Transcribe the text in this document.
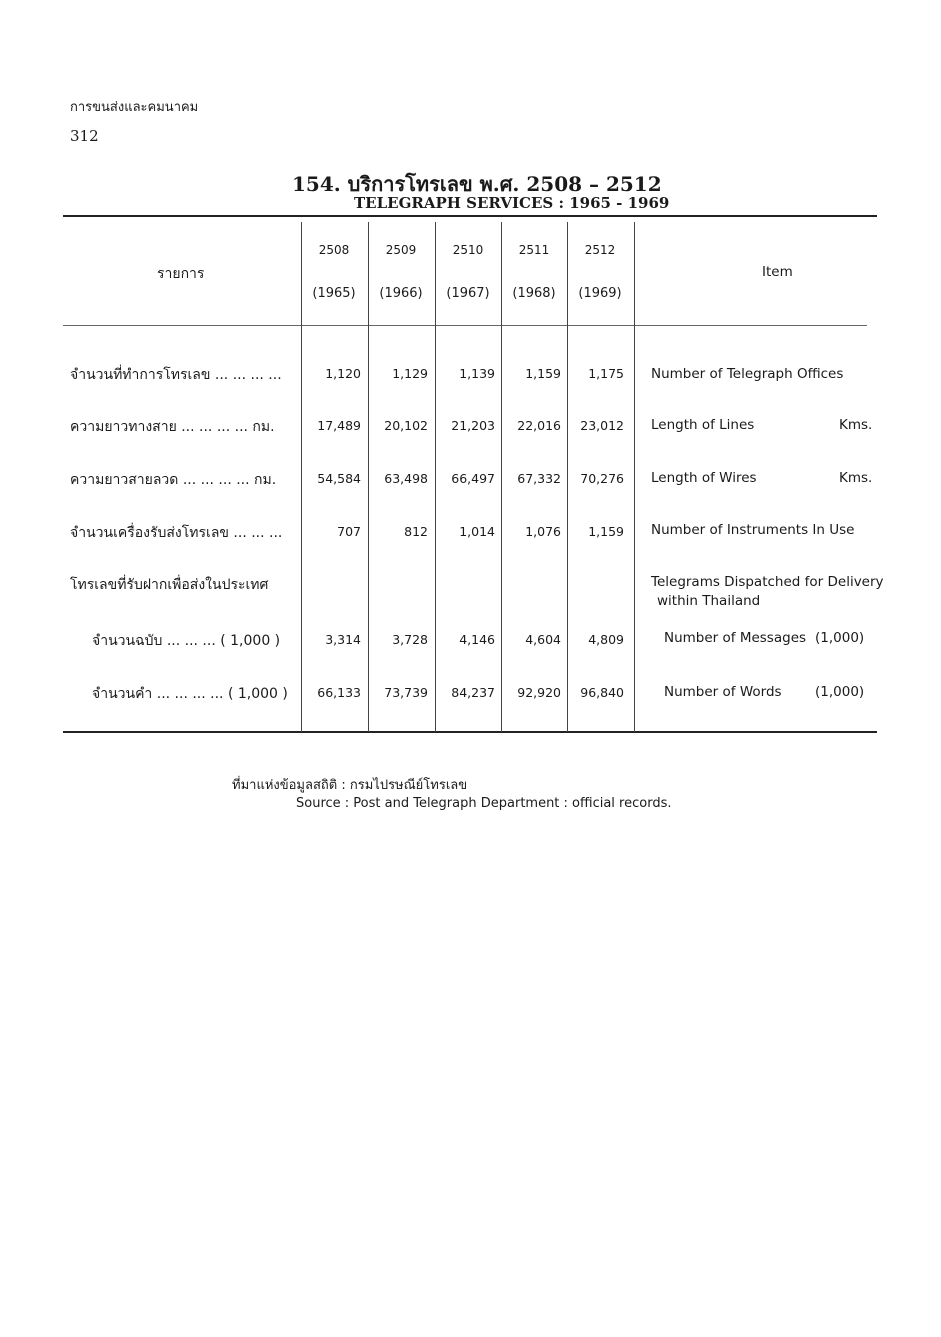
การขนส่งและคมนาคม
312
154. บริการโทรเลข พ.ศ. 2508 – 2512
TELEGRAPH SERVICES : 1965 - 1969
รายการ	Item
2508	2509	2510	2511	2512
(1965)	(1966)	(1967)	(1968)	(1969)
จำนวนที่ทำการโทรเลข ... ... ... ...	1,120	1,129	1,139	1,159	1,175 Number of Telegraph Offices
ความยาวทางสาย ... ... ... ... กม.	17,489	20,102	21,203	22,016	23,012 Length of Lines	Kms.
ความยาวสายลวด ... ... ... ... กม.	54,584	63,498	66,497	67,332	70,276 Length of Wires	Kms.
จำนวนเครื่องรับส่งโทรเลข ... ... ...	707	812	1,014	1,076	1,159 Number of Instruments In Use
โทรเลขที่รับฝากเพื่อส่งในประเทศ	Telegrams Dispatched for Delivery
within Thailand
จำนวนฉบับ ... ... ... ( 1,000 )	3,314	3,728	4,146	4,604	4,809	Number of Messages (1,000)
จำนวนคำ ... ... ... ... ( 1,000 )	66,133	73,739	84,237	92,920	96,840	Number of Words (1,000)
ที่มาแห่งข้อมูลสถิติ : กรมไปรษณีย์โทรเลข
Source : Post and Telegraph Department : official records.
